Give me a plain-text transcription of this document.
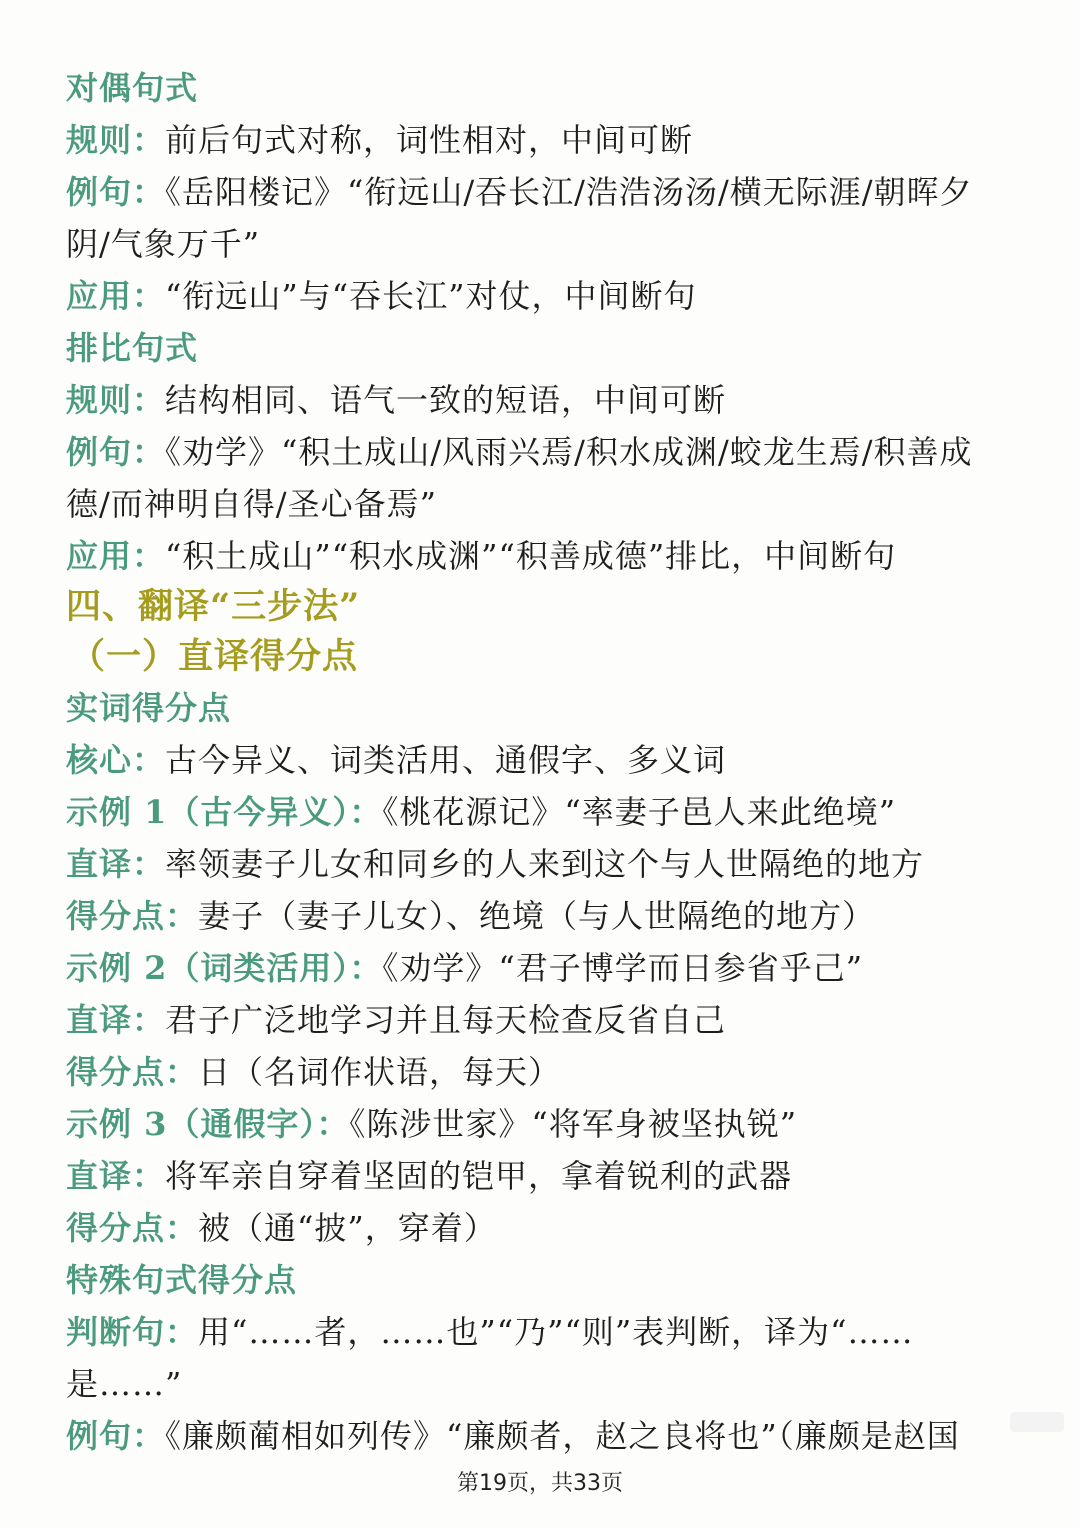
对偶句式

规则：前后句式对称，词性相对，中间可断

例句：《岳阳楼记》“衔远山/吞长江/浩浩汤汤/横无际涯/朝晖夕

阴/气象万千”

应用：“衔远山”与“吞长江”对仗，中间断句

排比句式

规则：结构相同、语气一致的短语，中间可断

例句：《劝学》“积土成山/风雨兴焉/积水成渊/蛟龙生焉/积善成

德/而神明自得/圣心备焉”

应用：“积土成山”“积水成渊”“积善成德”排比，中间断句

四、翻译“三步法”

（一）直译得分点

实词得分点

核心：古今异义、词类活用、通假字、多义词

示例 1（古今异义）：《桃花源记》“率妻子邑人来此绝境”

直译：率领妻子儿女和同乡的人来到这个与人世隔绝的地方

得分点：妻子（妻子儿女）、绝境（与人世隔绝的地方）

示例 2（词类活用）：《劝学》“君子博学而日参省乎己”

直译：君子广泛地学习并且每天检查反省自己

得分点：日（名词作状语，每天）

示例 3（通假字）：《陈涉世家》“将军身被坚执锐”

直译：将军亲自穿着坚固的铠甲，拿着锐利的武器

得分点：被（通“披”，穿着）

特殊句式得分点

判断句：用“……者，……也”“乃”“则”表判断，译为“……

是……”

例句：《廉颇蔺相如列传》“廉颇者，赵之良将也”（廉颇是赵国

第19页，共33页
